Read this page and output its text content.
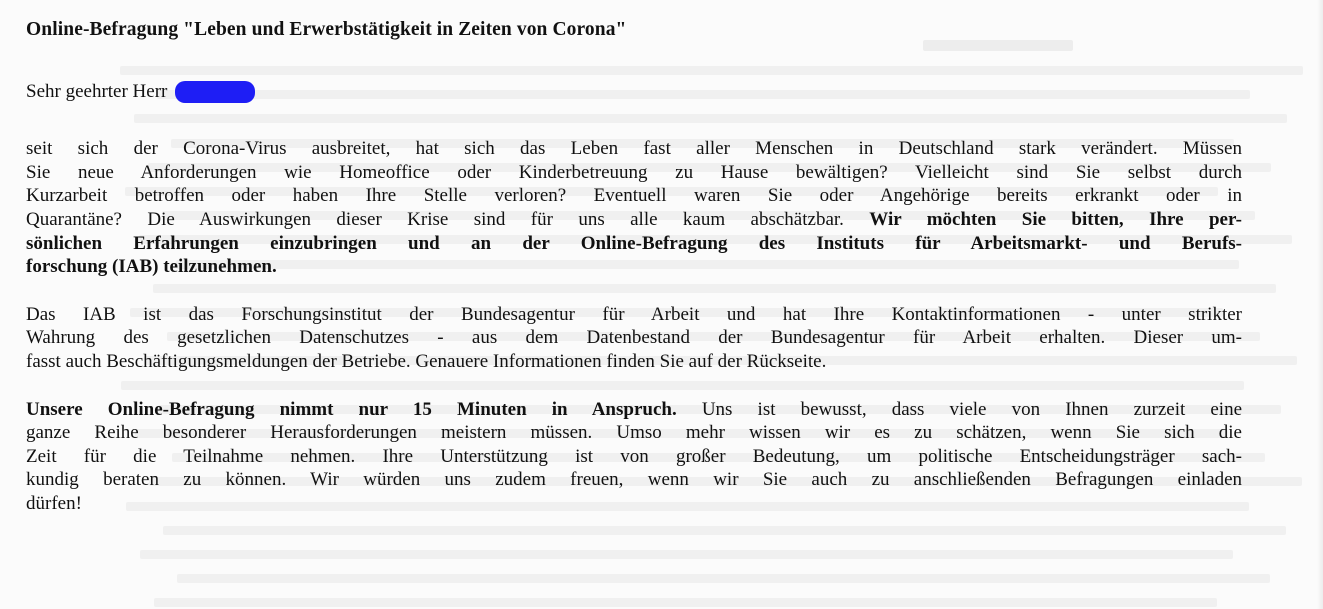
Online-Befragung "Leben und Erwerbstätigkeit in Zeiten von Corona"

Sehr geehrter Herr
seit sich der Corona-Virus ausbreitet, hat sich das Leben fast aller Menschen in Deutschland stark verändert. Müssen
Sie neue Anforderungen wie Homeoffice oder Kinderbetreuung zu Hause bewältigen? Vielleicht sind Sie selbst durch
Kurzarbeit betroffen oder haben Ihre Stelle verloren? Eventuell waren Sie oder Angehörige bereits erkrankt oder in
Quarantäne? Die Auswirkungen dieser Krise sind für uns alle kaum abschätzbar. Wir möchten Sie bitten, Ihre per-
sönlichen Erfahrungen einzubringen und an der Online-Befragung des Instituts für Arbeitsmarkt- und Berufs-
forschung (IAB) teilzunehmen.
Das IAB ist das Forschungsinstitut der Bundesagentur für Arbeit und hat Ihre Kontaktinformationen - unter strikter
Wahrung des gesetzlichen Datenschutzes - aus dem Datenbestand der Bundesagentur für Arbeit erhalten. Dieser um-
fasst auch Beschäftigungsmeldungen der Betriebe. Genauere Informationen finden Sie auf der Rückseite.
Unsere Online-Befragung nimmt nur 15 Minuten in Anspruch. Uns ist bewusst, dass viele von Ihnen zurzeit eine
ganze Reihe besonderer Herausforderungen meistern müssen. Umso mehr wissen wir es zu schätzen, wenn Sie sich die
Zeit für die Teilnahme nehmen. Ihre Unterstützung ist von großer Bedeutung, um politische Entscheidungsträger sach-
kundig beraten zu können. Wir würden uns zudem freuen, wenn wir Sie auch zu anschließenden Befragungen einladen
dürfen!
